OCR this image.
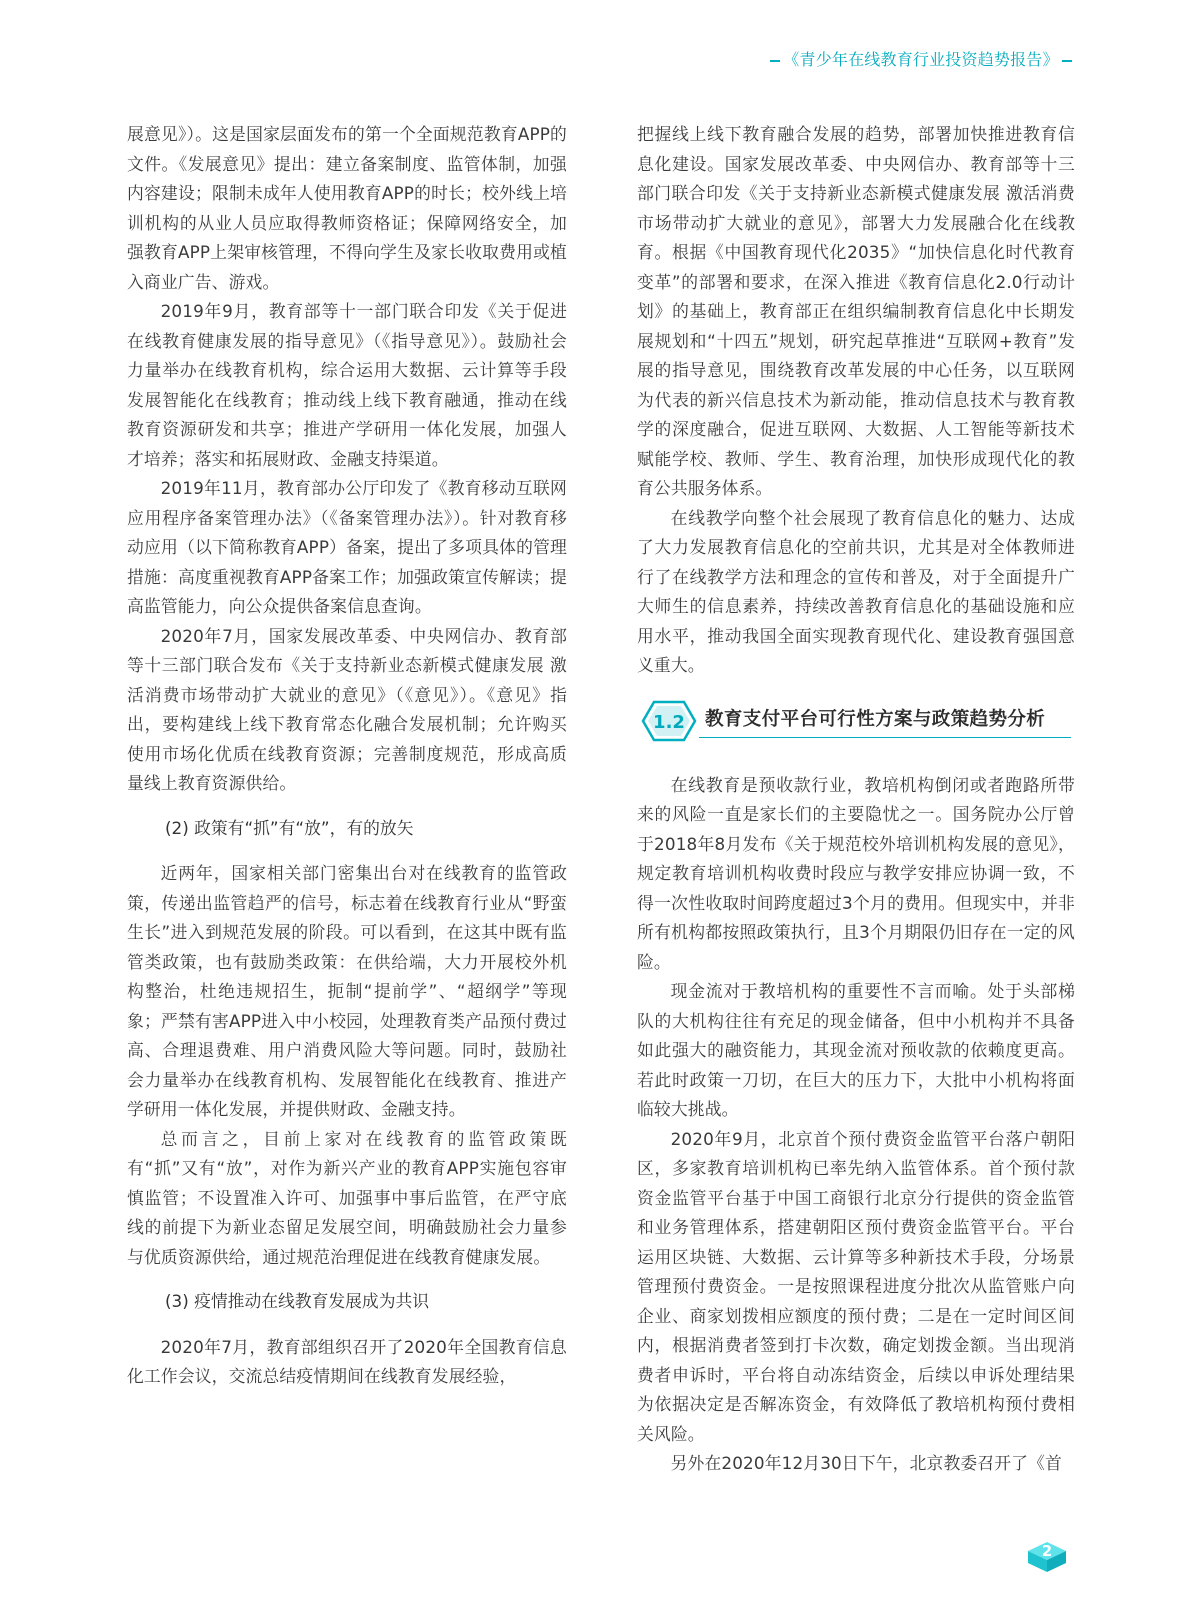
《青少年在线教育行业投资趋势报告》

展意见》）。这是国家层面发布的第一个全面规范教育APP的文件。《发展意见》提出：建立备案制度、监管体制，加强内容建设；限制未成年人使用教育APP的时长；校外线上培训机构的从业人员应取得教师资格证；保障网络安全，加强教育APP上架审核管理，不得向学生及家长收取费用或植入商业广告、游戏。

2019年9月，教育部等十一部门联合印发《关于促进在线教育健康发展的指导意见》（《指导意见》）。鼓励社会力量举办在线教育机构，综合运用大数据、云计算等手段发展智能化在线教育；推动线上线下教育融通，推动在线教育资源研发和共享；推进产学研用一体化发展，加强人才培养；落实和拓展财政、金融支持渠道。

2019年11月，教育部办公厅印发了《教育移动互联网应用程序备案管理办法》（《备案管理办法》）。针对教育移动应用（以下简称教育APP）备案，提出了多项具体的管理措施：高度重视教育APP备案工作；加强政策宣传解读；提高监管能力，向公众提供备案信息查询。

2020年7月，国家发展改革委、中央网信办、教育部等十三部门联合发布《关于支持新业态新模式健康发展 激活消费市场带动扩大就业的意见》（《意见》）。《意见》指出，要构建线上线下教育常态化融合发展机制；允许购买使用市场化优质在线教育资源；完善制度规范，形成高质量线上教育资源供给。

(2) 政策有“抓”有“放”，有的放矢

近两年，国家相关部门密集出台对在线教育的监管政策，传递出监管趋严的信号，标志着在线教育行业从“野蛮生长”进入到规范发展的阶段。可以看到，在这其中既有监管类政策，也有鼓励类政策：在供给端，大力开展校外机构整治，杜绝违规招生，扼制“提前学”、“超纲学”等现象；严禁有害APP进入中小校园，处理教育类产品预付费过高、合理退费难、用户消费风险大等问题。同时，鼓励社会力量举办在线教育机构、发展智能化在线教育、推进产学研用一体化发展，并提供财政、金融支持。

总而言之，目前上家对在线教育的监管政策既有“抓”又有“放”，对作为新兴产业的教育APP实施包容审慎监管；不设置准入许可、加强事中事后监管，在严守底线的前提下为新业态留足发展空间，明确鼓励社会力量参与优质资源供给，通过规范治理促进在线教育健康发展。

(3) 疫情推动在线教育发展成为共识

2020年7月，教育部组织召开了2020年全国教育信息化工作会议，交流总结疫情期间在线教育发展经验，

把握线上线下教育融合发展的趋势，部署加快推进教育信息化建设。国家发展改革委、中央网信办、教育部等十三部门联合印发《关于支持新业态新模式健康发展 激活消费市场带动扩大就业的意见》，部署大力发展融合化在线教育。根据《中国教育现代化2035》“加快信息化时代教育变革”的部署和要求，在深入推进《教育信息化2.0行动计划》的基础上，教育部正在组织编制教育信息化中长期发展规划和“十四五”规划，研究起草推进“互联网+教育”发展的指导意见，围绕教育改革发展的中心任务，以互联网为代表的新兴信息技术为新动能，推动信息技术与教育教学的深度融合，促进互联网、大数据、人工智能等新技术赋能学校、教师、学生、教育治理，加快形成现代化的教育公共服务体系。

在线教学向整个社会展现了教育信息化的魅力、达成了大力发展教育信息化的空前共识，尤其是对全体教师进行了在线教学方法和理念的宣传和普及，对于全面提升广大师生的信息素养，持续改善教育信息化的基础设施和应用水平，推动我国全面实现教育现代化、建设教育强国意义重大。

1.2 教育支付平台可行性方案与政策趋势分析

在线教育是预收款行业，教培机构倒闭或者跑路所带来的风险一直是家长们的主要隐忧之一。国务院办公厅曾于2018年8月发布《关于规范校外培训机构发展的意见》，规定教育培训机构收费时段应与教学安排应协调一致，不得一次性收取时间跨度超过3个月的费用。但现实中，并非所有机构都按照政策执行，且3个月期限仍旧存在一定的风险。

现金流对于教培机构的重要性不言而喻。处于头部梯队的大机构往往有充足的现金储备，但中小机构并不具备如此强大的融资能力，其现金流对预收款的依赖度更高。若此时政策一刀切，在巨大的压力下，大批中小机构将面临较大挑战。

2020年9月，北京首个预付费资金监管平台落户朝阳区，多家教育培训机构已率先纳入监管体系。首个预付款资金监管平台基于中国工商银行北京分行提供的资金监管和业务管理体系，搭建朝阳区预付费资金监管平台。平台运用区块链、大数据、云计算等多种新技术手段，分场景管理预付费资金。一是按照课程进度分批次从监管账户向企业、商家划拨相应额度的预付费；二是在一定时间区间内，根据消费者签到打卡次数，确定划拨金额。当出现消费者申诉时，平台将自动冻结资金，后续以申诉处理结果为依据决定是否解冻资金，有效降低了教培机构预付费相关风险。

另外在2020年12月30日下午，北京教委召开了《首

2
